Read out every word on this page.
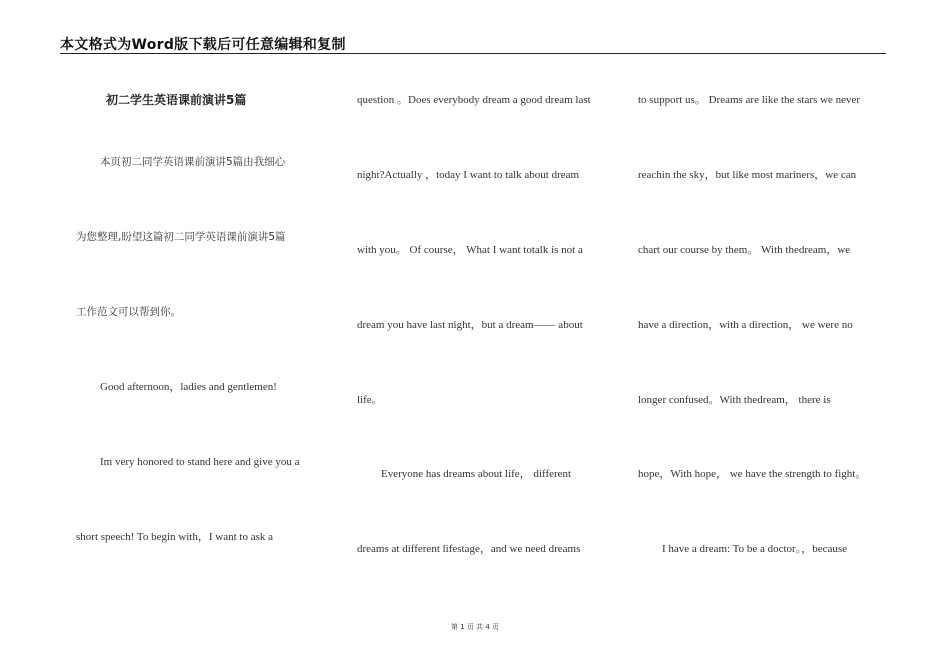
本文格式为Word版下载后可任意编辑和复制
初二学生英语课前演讲5篇
本页初二同学英语课前演讲5篇由我细心
为您整理,盼望这篇初二同学英语课前演讲5篇
工作范文可以帮到你。
Good afternoon，ladies and gentlemen!
Im very honored to stand here and give you a
short speech! To begin with，I want to ask a
question 。Does everybody dream a good dream last
night?Actually ，today I want to talk about dream
with you。 Of course， What I want totalk is not a
dream you have last night，but a dream—— about
life。
Everyone has dreams about life， different
dreams at different lifestage，and we need dreams
to support us。 Dreams are like the stars we never
reachin the sky，but like most mariners，we can
chart our course by them。 With thedream，we
have a direction，with a direction， we were no
longer confused。With thedream， there is
hope，With hope， we have the strength to fight。
I have a dream: To be a doctor。，because
第 1 页 共 4 页
